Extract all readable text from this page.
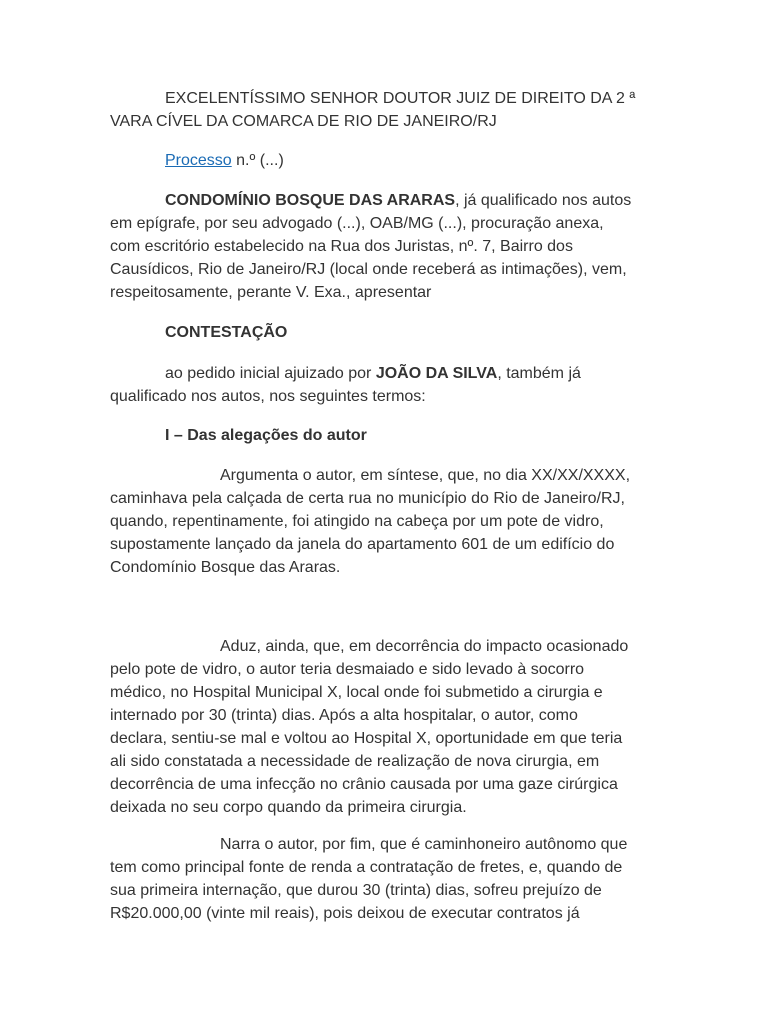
EXCELENTÍSSIMO SENHOR DOUTOR JUIZ DE DIREITO DA 2 ª
VARA CÍVEL DA COMARCA DE RIO DE JANEIRO/RJ

Processo n.º (...)

CONDOMÍNIO BOSQUE DAS ARARAS, já qualificado nos autos
em epígrafe, por seu advogado (...), OAB/MG (...), procuração anexa,
com escritório estabelecido na Rua dos Juristas, nº. 7, Bairro dos
Causídicos, Rio de Janeiro/RJ (local onde receberá as intimações), vem,
respeitosamente, perante V. Exa., apresentar

CONTESTAÇÃO

ao pedido inicial ajuizado por JOÃO DA SILVA, também já
qualificado nos autos, nos seguintes termos:

I – Das alegações do autor

Argumenta o autor, em síntese, que, no dia XX/XX/XXXX,
caminhava pela calçada de certa rua no município do Rio de Janeiro/RJ,
quando, repentinamente, foi atingido na cabeça por um pote de vidro,
supostamente lançado da janela do apartamento 601 de um edifício do
Condomínio Bosque das Araras.

Aduz, ainda, que, em decorrência do impacto ocasionado
pelo pote de vidro, o autor teria desmaiado e sido levado à socorro
médico, no Hospital Municipal X, local onde foi submetido a cirurgia e
internado por 30 (trinta) dias. Após a alta hospitalar, o autor, como
declara, sentiu-se mal e voltou ao Hospital X, oportunidade em que teria
ali sido constatada a necessidade de realização de nova cirurgia, em
decorrência de uma infecção no crânio causada por uma gaze cirúrgica
deixada no seu corpo quando da primeira cirurgia.

Narra o autor, por fim, que é caminhoneiro autônomo que
tem como principal fonte de renda a contratação de fretes, e, quando de
sua primeira internação, que durou 30 (trinta) dias, sofreu prejuízo de
R$20.000,00 (vinte mil reais), pois deixou de executar contratos já
